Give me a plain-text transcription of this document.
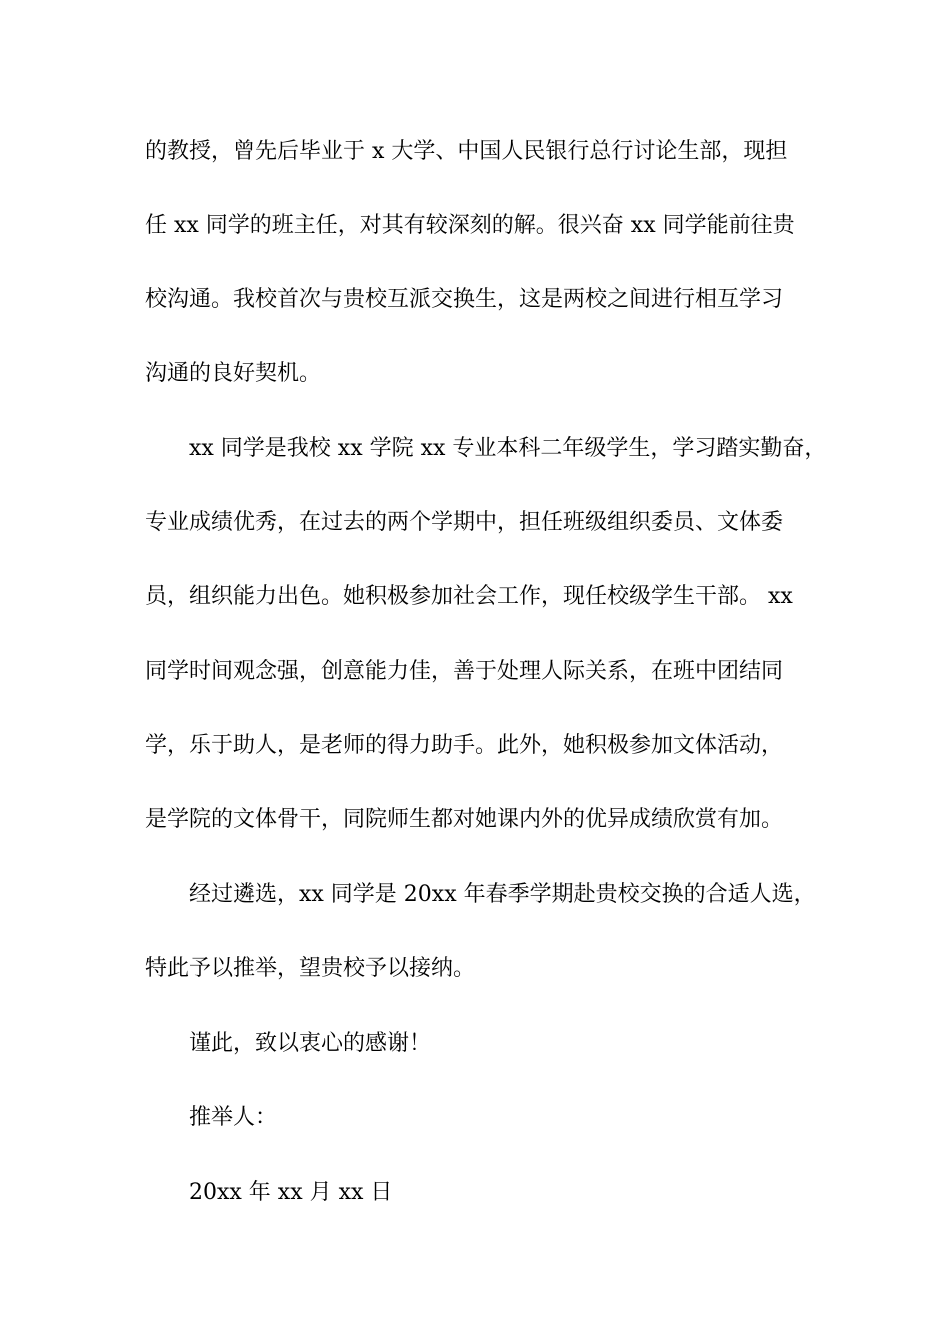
的教授，曾先后毕业于 x 大学、中国人民银行总行讨论生部，现担
任 xx 同学的班主任，对其有较深刻的解。很兴奋 xx 同学能前往贵
校沟通。我校首次与贵校互派交换生，这是两校之间进行相互学习
沟通的良好契机。
xx 同学是我校 xx 学院 xx 专业本科二年级学生，学习踏实勤奋，
专业成绩优秀，在过去的两个学期中，担任班级组织委员、文体委
员，组织能力出色。她积极参加社会工作，现任校级学生干部。 xx
同学时间观念强，创意能力佳，善于处理人际关系，在班中团结同
学，乐于助人，是老师的得力助手。此外，她积极参加文体活动，
是学院的文体骨干，同院师生都对她课内外的优异成绩欣赏有加。
经过遴选，xx 同学是 20xx 年春季学期赴贵校交换的合适人选，
特此予以推举，望贵校予以接纳。
谨此，致以衷心的感谢！
推举人：
20xx 年 xx 月 xx 日
